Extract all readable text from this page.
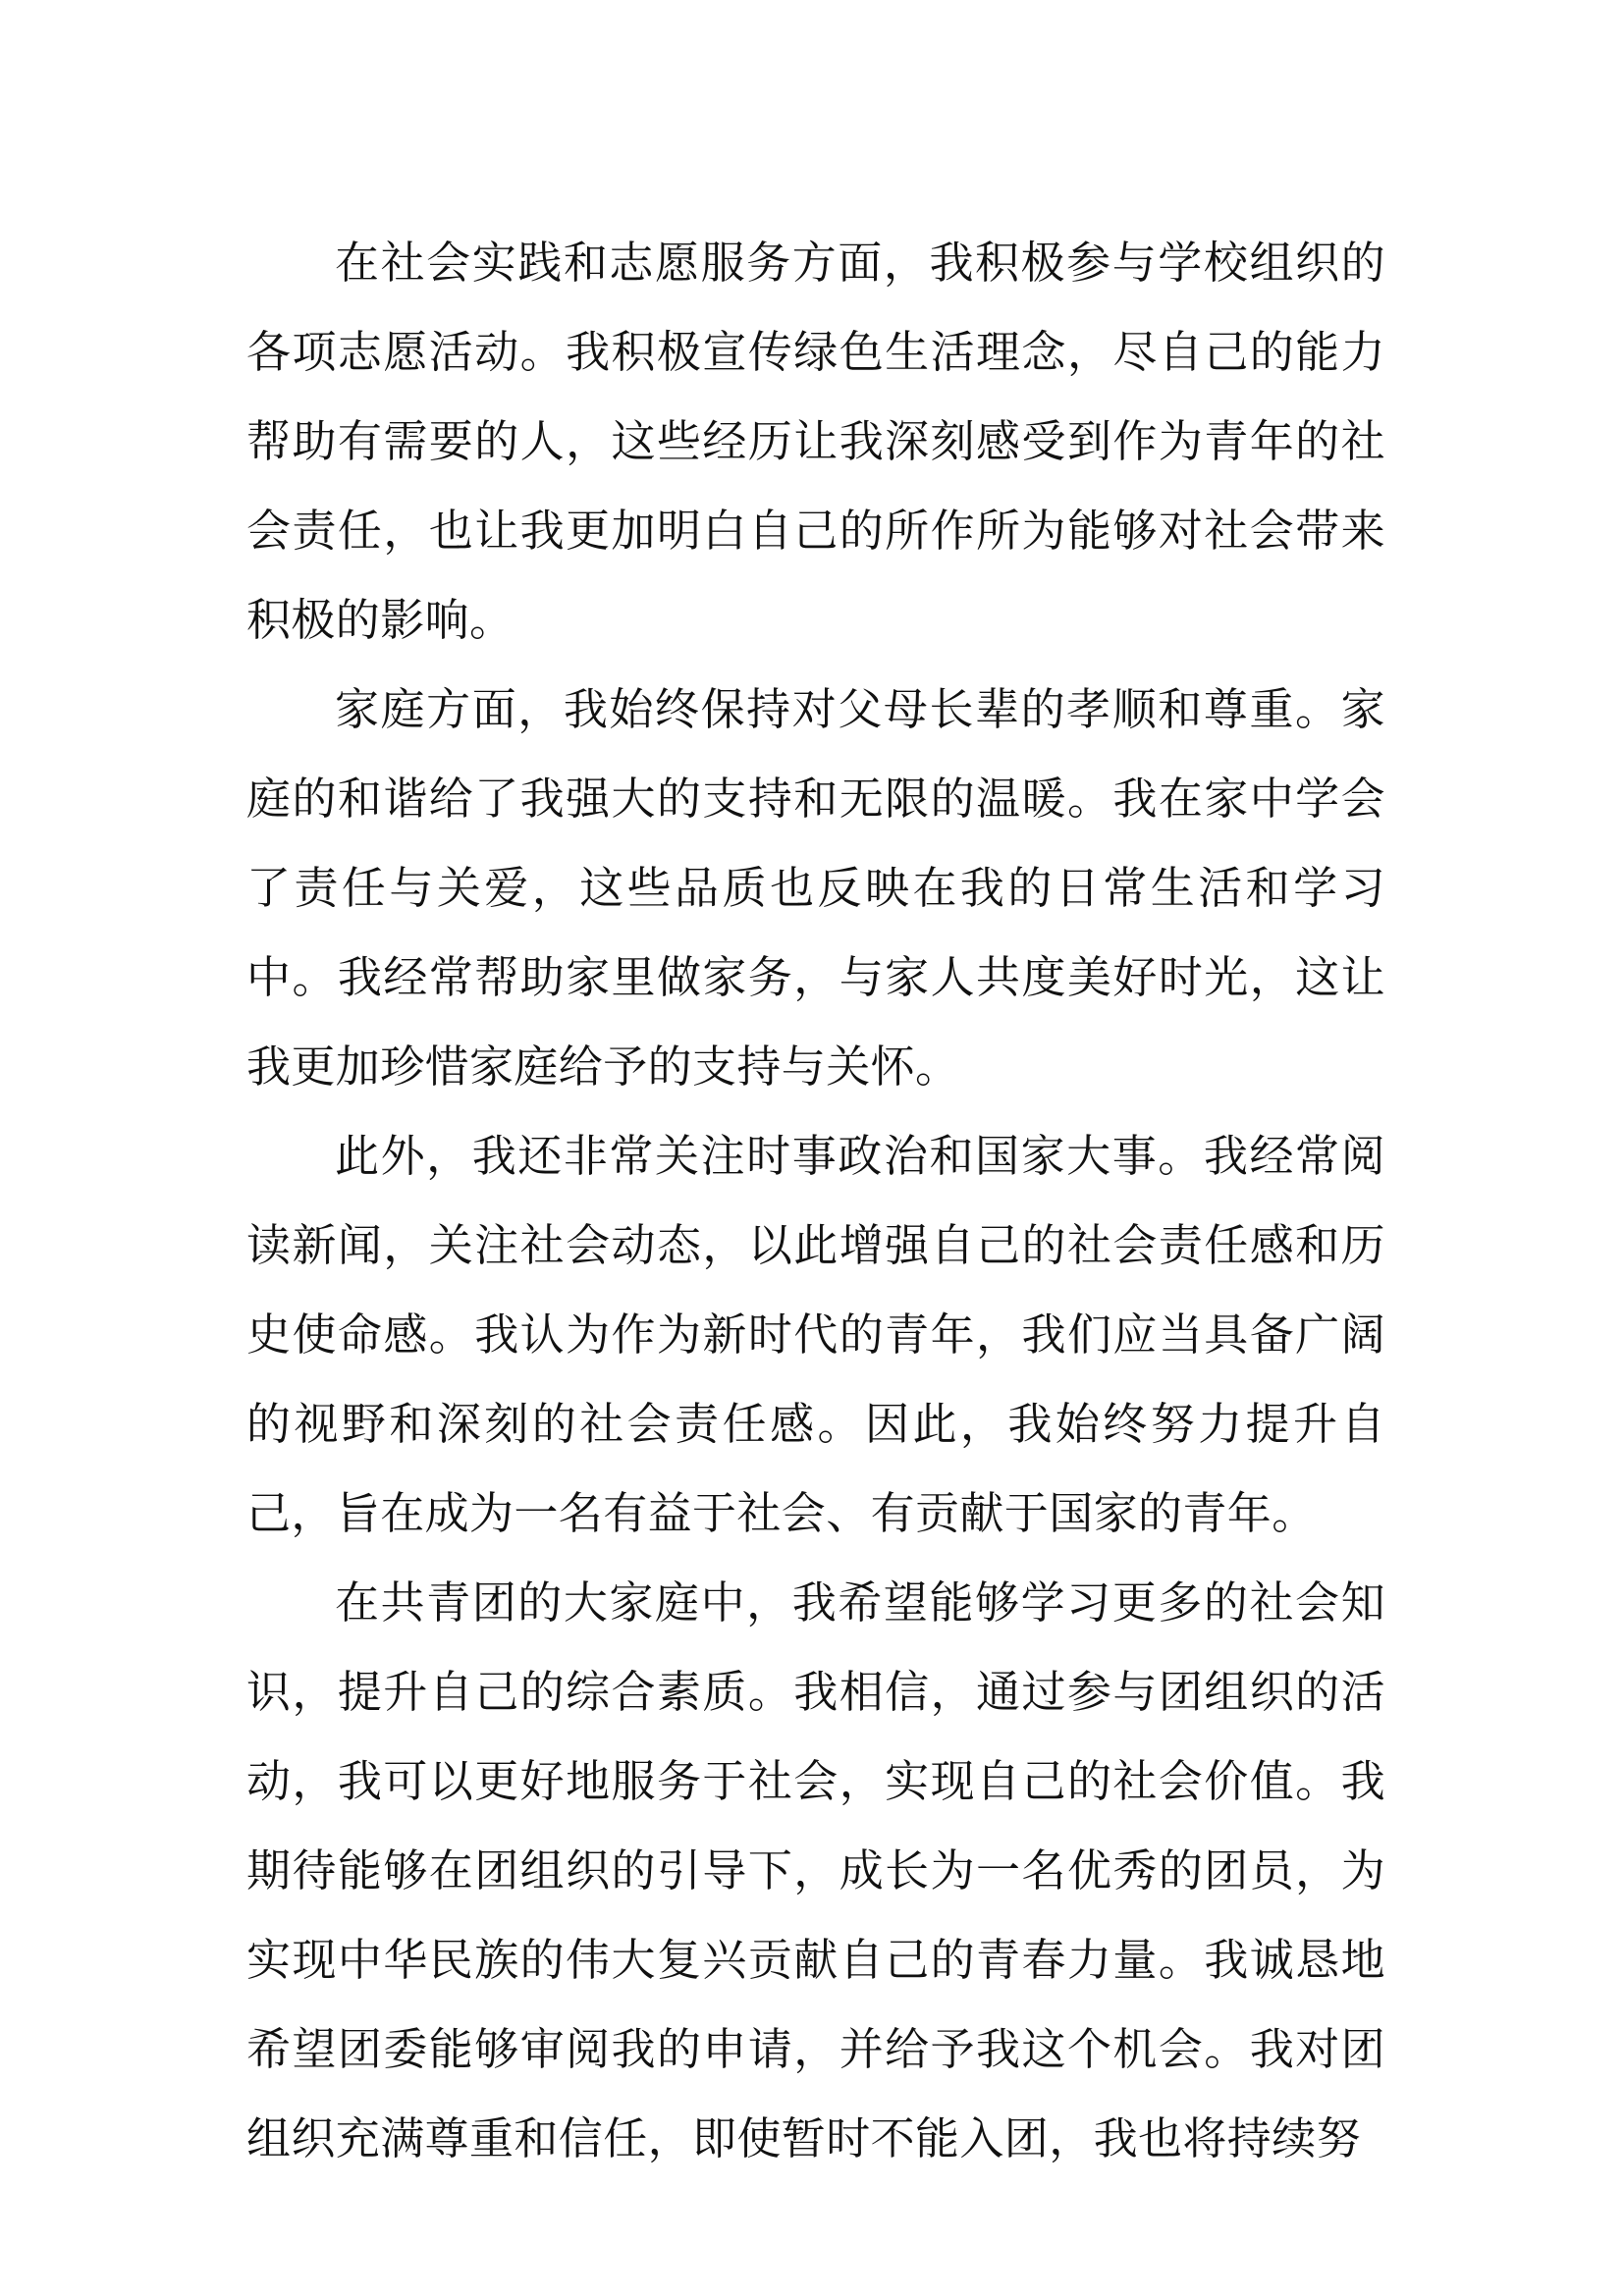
在社会实践和志愿服务方面，我积极参与学校组织的各项志愿活动。我积极宣传绿色生活理念，尽自己的能力帮助有需要的人，这些经历让我深刻感受到作为青年的社会责任，也让我更加明白自己的所作所为能够对社会带来积极的影响。

家庭方面，我始终保持对父母长辈的孝顺和尊重。家庭的和谐给了我强大的支持和无限的温暖。我在家中学会了责任与关爱，这些品质也反映在我的日常生活和学习中。我经常帮助家里做家务，与家人共度美好时光，这让我更加珍惜家庭给予的支持与关怀。

此外，我还非常关注时事政治和国家大事。我经常阅读新闻，关注社会动态，以此增强自己的社会责任感和历史使命感。我认为作为新时代的青年，我们应当具备广阔的视野和深刻的社会责任感。因此，我始终努力提升自己，旨在成为一名有益于社会、有贡献于国家的青年。

在共青团的大家庭中，我希望能够学习更多的社会知识，提升自己的综合素质。我相信，通过参与团组织的活动，我可以更好地服务于社会，实现自己的社会价值。我期待能够在团组织的引导下，成长为一名优秀的团员，为实现中华民族的伟大复兴贡献自己的青春力量。我诚恳地希望团委能够审阅我的申请，并给予我这个机会。我对团组织充满尊重和信任，即使暂时不能入团，我也将持续努
